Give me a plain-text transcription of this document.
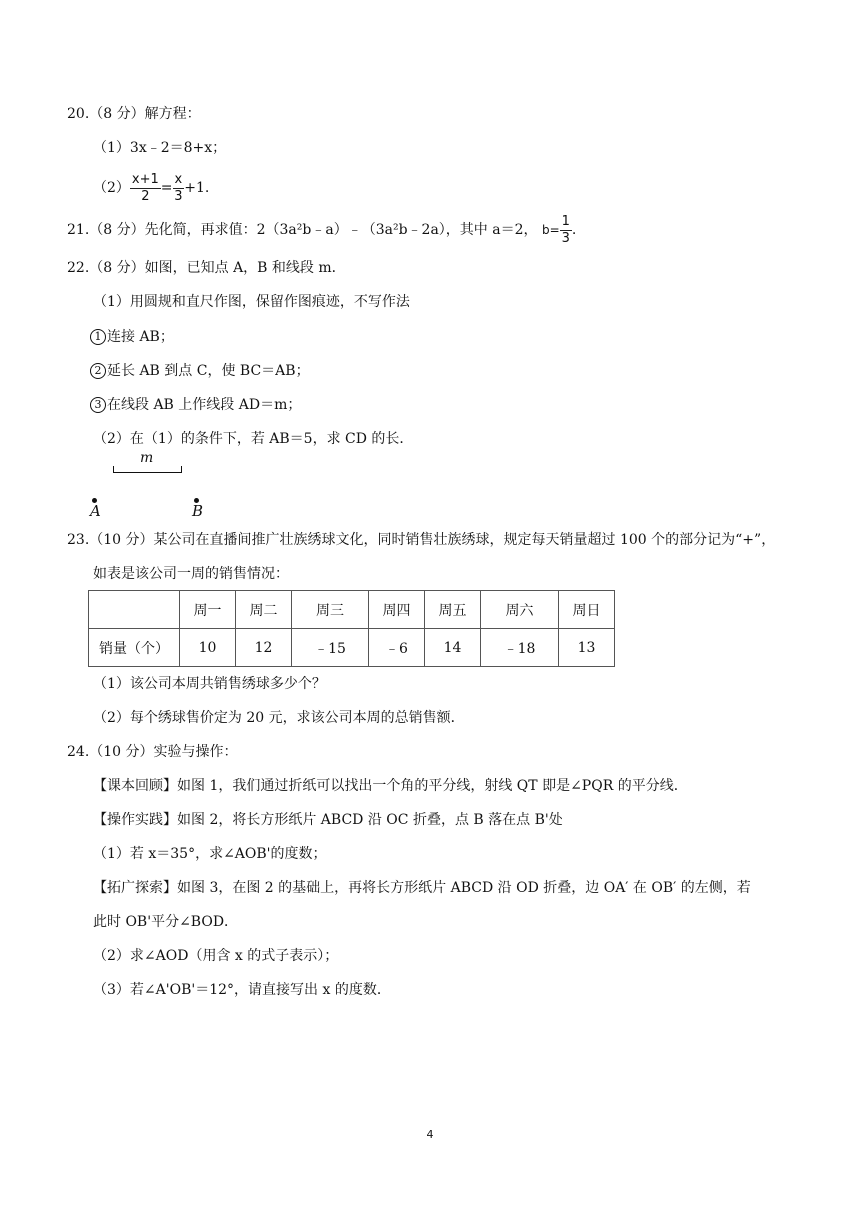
20.（8 分）解方程：
（1）3x﹣2＝8+x；
$(2) \frac{x+1}{2} = \frac{x}{3} +1$.
21.（8 分）先化简，再求值：2（3a²b﹣a）﹣（3a²b﹣2a），其中 a＝2， $b= \frac{1}{3}$ .
22.（8 分）如图，已知点 A，B 和线段 m．
（1）用圆规和直尺作图，保留作图痕迹，不写作法
1 连接 AB；
2 延长 AB 到点 C，使 BC＝AB；
3 在线段 AB 上作线段 AD＝m；
（2）在（1）的条件下，若 AB＝5，求 CD 的长．
m
A	B
23.（10 分）某公司在直播间推广壮族绣球文化，同时销售壮族绣球，规定每天销量超过 100 个的部分记为“+”，
如表是该公司一周的销售情况：
	周一	周二	周三	周四	周五	周六	周日
销量（个）	10	12	﹣15	﹣6	14	﹣18	13
（1）该公司本周共销售绣球多少个？
（2）每个绣球售价定为 20 元，求该公司本周的总销售额．
24.（10 分）实验与操作：
【课本回顾】如图 1，我们通过折纸可以找出一个角的平分线，射线 QT 即是∠PQR 的平分线．
【操作实践】如图 2，将长方形纸片 ABCD 沿 OC 折叠，点 B 落在点 B'处
（1）若 x＝35°，求∠AOB'的度数；
【拓广探索】如图 3，在图 2 的基础上，再将长方形纸片 ABCD 沿 OD 折叠，边 OA′ 在 OB′ 的左侧，若
此时 OB'平分∠BOD．
（2）求∠AOD（用含 x 的式子表示）；
（3）若∠A'OB'＝12°，请直接写出 x 的度数．
4
